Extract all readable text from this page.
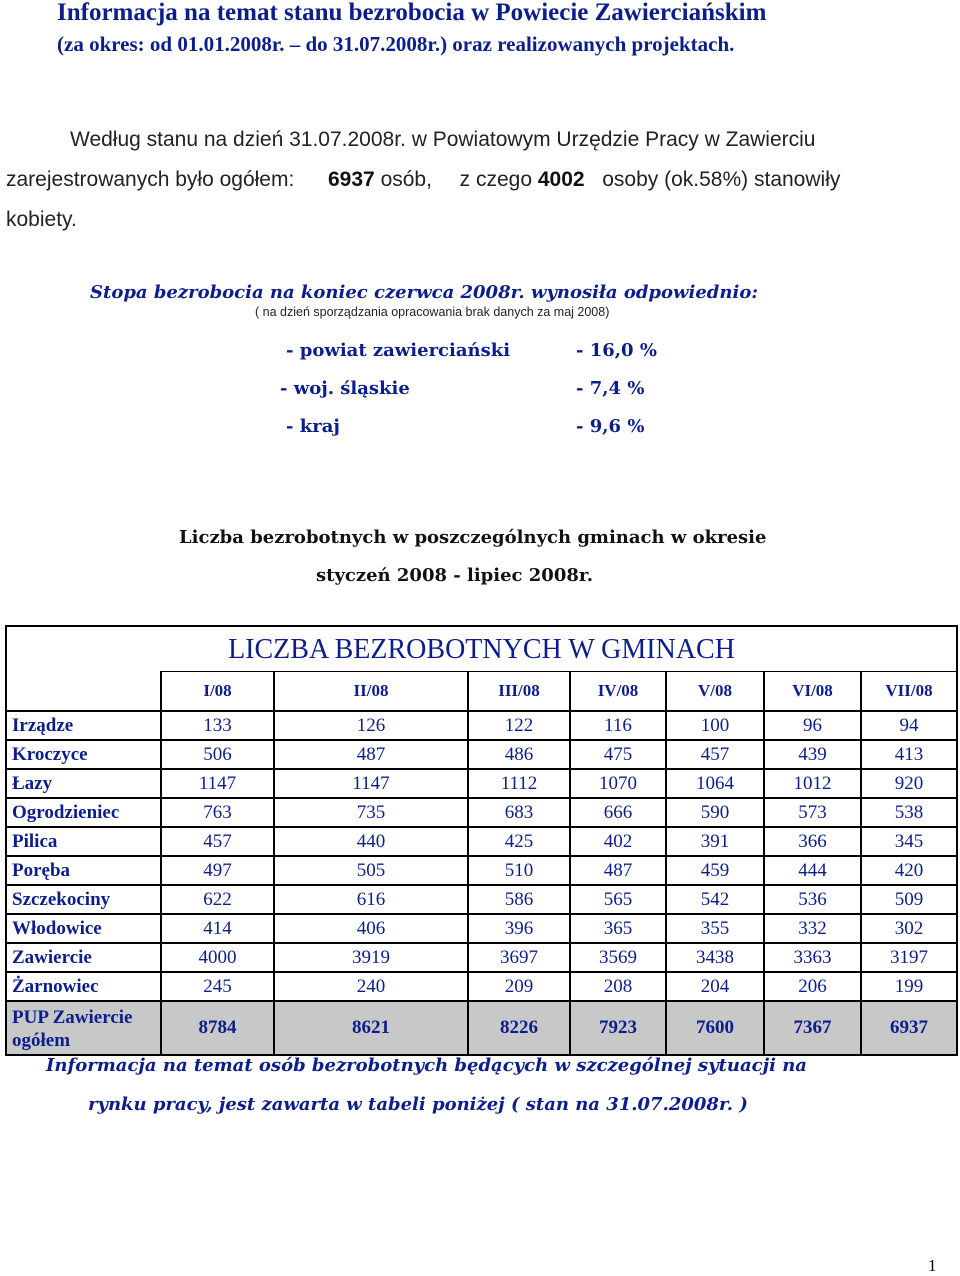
Informacja na temat stanu bezrobocia w Powiecie Zawierciańskim
(za okres: od 01.01.2008r. – do 31.07.2008r.) oraz realizowanych projektach.
Według stanu na dzień 31.07.2008r. w Powiatowym Urzędzie Pracy w Zawierciu
zarejestrowanych było ogółem: 6937 osób, z czego 4002 osoby (ok.58%) stanowiły
kobiety.
Stopa bezrobocia na koniec czerwca 2008r. wynosiła odpowiednio:
( na dzień sporządzania opracowania brak danych za maj 2008)
- powiat zawierciański	- 16,0 %
- woj. śląskie	- 7,4 %
- kraj	- 9,6 %
Liczba bezrobotnych w poszczególnych gminach w okresie
styczeń 2008 - lipiec 2008r.
LICZBA BEZROBOTNYCH W GMINACH							
	I/08	II/08	III/08	IV/08	V/08	VI/08	VII/08
Irządze	133	126	122	116	100	96	94
Kroczyce	506	487	486	475	457	439	413
Łazy	1147	1147	1112	1070	1064	1012	920
Ogrodzieniec	763	735	683	666	590	573	538
Pilica	457	440	425	402	391	366	345
Poręba	497	505	510	487	459	444	420
Szczekociny	622	616	586	565	542	536	509
Włodowice	414	406	396	365	355	332	302
Zawiercie	4000	3919	3697	3569	3438	3363	3197
Żarnowiec	245	240	209	208	204	206	199
PUP Zawiercie
ogółem	8784	8621	8226	7923	7600	7367	6937
Informacja na temat osób bezrobotnych będących w szczególnej sytuacji na
rynku pracy, jest zawarta w tabeli poniżej ( stan na 31.07.2008r. )
1
